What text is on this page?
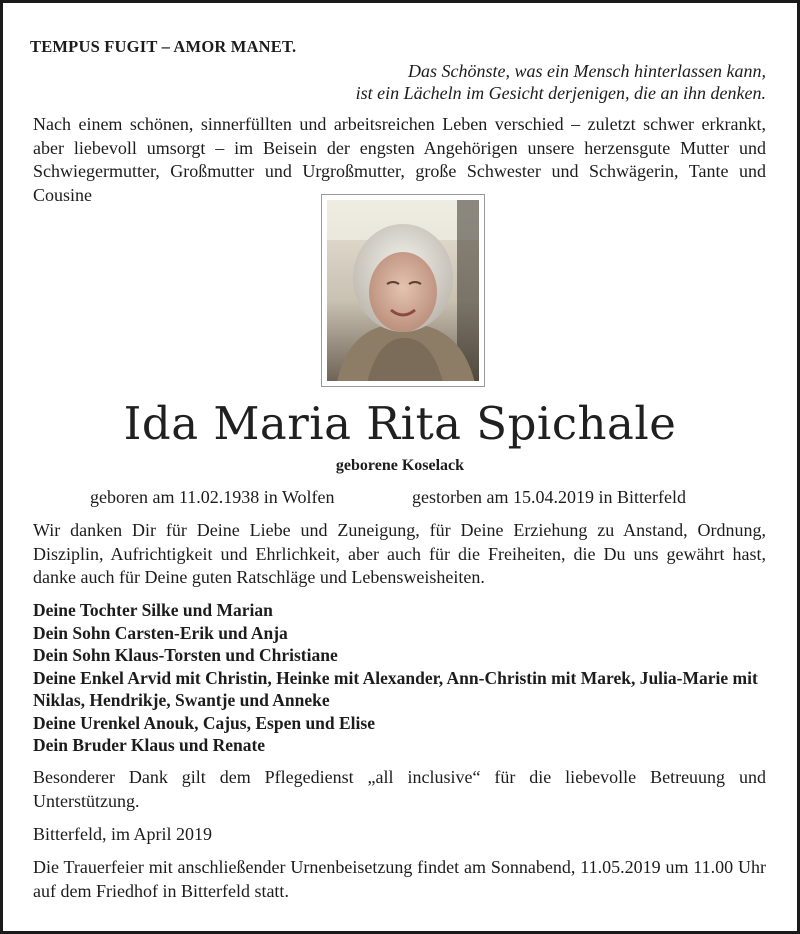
TEMPUS FUGIT – AMOR MANET.
Das Schönste, was ein Mensch hinterlassen kann,
ist ein Lächeln im Gesicht derjenigen, die an ihn denken.
Nach einem schönen, sinnerfüllten und arbeitsreichen Leben verschied – zuletzt schwer erkrankt, aber liebevoll umsorgt – im Beisein der engsten Angehörigen unsere herzensgute Mutter und Schwiegermutter, Großmutter und Urgroßmutter, große Schwester und Schwägerin, Tante und Cousine
Ida Maria Rita Spichale
geborene Koselack
geboren am 11.02.1938 in Wolfen	gestorben am 15.04.2019 in Bitterfeld
Wir danken Dir für Deine Liebe und Zuneigung, für Deine Erziehung zu Anstand, Ordnung, Disziplin, Aufrichtigkeit und Ehrlichkeit, aber auch für die Freiheiten, die Du uns gewährt hast, danke auch für Deine guten Ratschläge und Lebensweisheiten.
Deine Tochter Silke und Marian
Dein Sohn Carsten-Erik und Anja
Dein Sohn Klaus-Torsten und Christiane
Deine Enkel Arvid mit Christin, Heinke mit Alexander, Ann-Christin mit Marek, Julia-Marie mit Niklas, Hendrikje, Swantje und Anneke
Deine Urenkel Anouk, Cajus, Espen und Elise
Dein Bruder Klaus und Renate
Besonderer Dank gilt dem Pflegedienst „all inclusive“ für die liebevolle Betreuung und Unterstützung.
Bitterfeld, im April 2019
Die Trauerfeier mit anschließender Urnenbeisetzung findet am Sonnabend, 11.05.2019 um 11.00 Uhr auf dem Friedhof in Bitterfeld statt.
